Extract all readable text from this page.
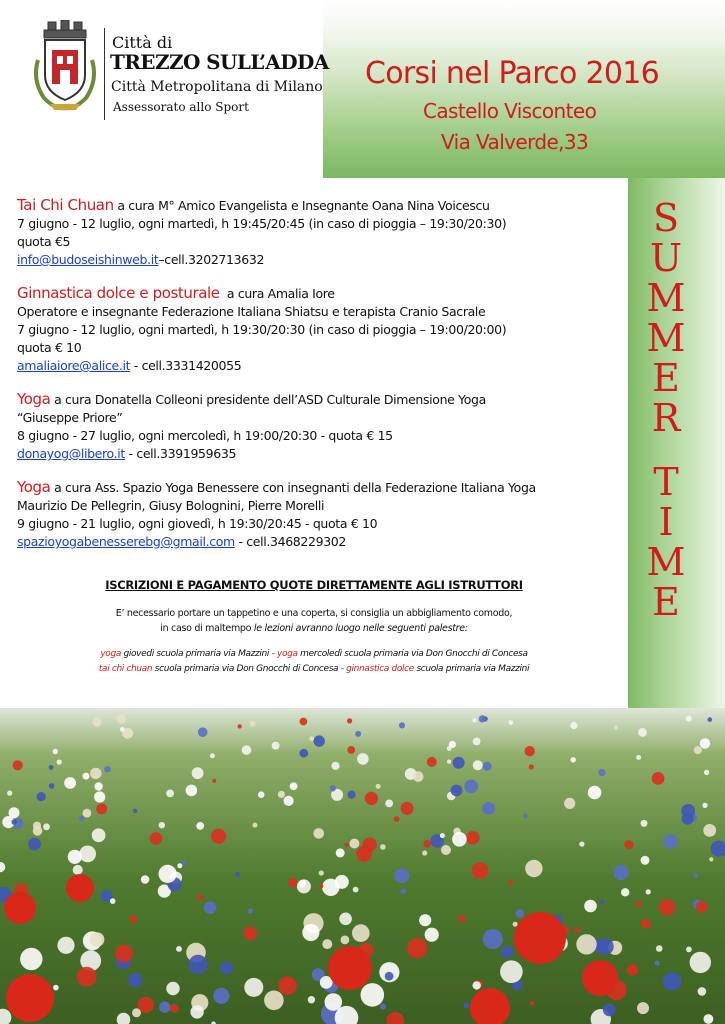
Città di
TREZZO SULL’ADDA
Città Metropolitana di Milano
Assessorato allo Sport
Corsi nel Parco 2016
Castello Visconteo
Via Valverde,33
S
U
M
M
E
R
T
I
M
E
Tai Chi Chuan a cura M° Amico Evangelista e Insegnante Oana Nina Voicescu
7 giugno - 12 luglio, ogni martedì, h 19:45/20:45 (in caso di pioggia – 19:30/20:30)
quota €5
info@budoseishinweb.it–cell.3202713632
Ginnastica dolce e posturale a cura Amalia Iore
Operatore e insegnante Federazione Italiana Shiatsu e terapista Cranio Sacrale
7 giugno - 12 luglio, ogni martedì, h 19:30/20:30 (in caso di pioggia – 19:00/20:00)
quota € 10
amaliaiore@alice.it - cell.3331420055
Yoga a cura Donatella Colleoni presidente dell’ASD Culturale Dimensione Yoga
“Giuseppe Priore”
8 giugno - 27 luglio, ogni mercoledì, h 19:00/20:30 - quota € 15
donayog@libero.it - cell.3391959635
Yoga a cura Ass. Spazio Yoga Benessere con insegnanti della Federazione Italiana Yoga
Maurizio De Pellegrin, Giusy Bolognini, Pierre Morelli
9 giugno - 21 luglio, ogni giovedì, h 19:30/20:45 - quota € 10
spazioyogabenesserebg@gmail.com - cell.3468229302
ISCRIZIONI E PAGAMENTO QUOTE DIRETTAMENTE AGLI ISTRUTTORI
E’ necessario portare un tappetino e una coperta, si consiglia un abbigliamento comodo,
in caso di maltempo le lezioni avranno luogo nelle seguenti palestre:
yoga giovedì scuola primaria via Mazzini - yoga mercoledì scuola primaria via Don Gnocchi di Concesa
tai chi chuan scuola primaria via Don Gnocchi di Concesa - ginnastica dolce scuola primaria via Mazzini
